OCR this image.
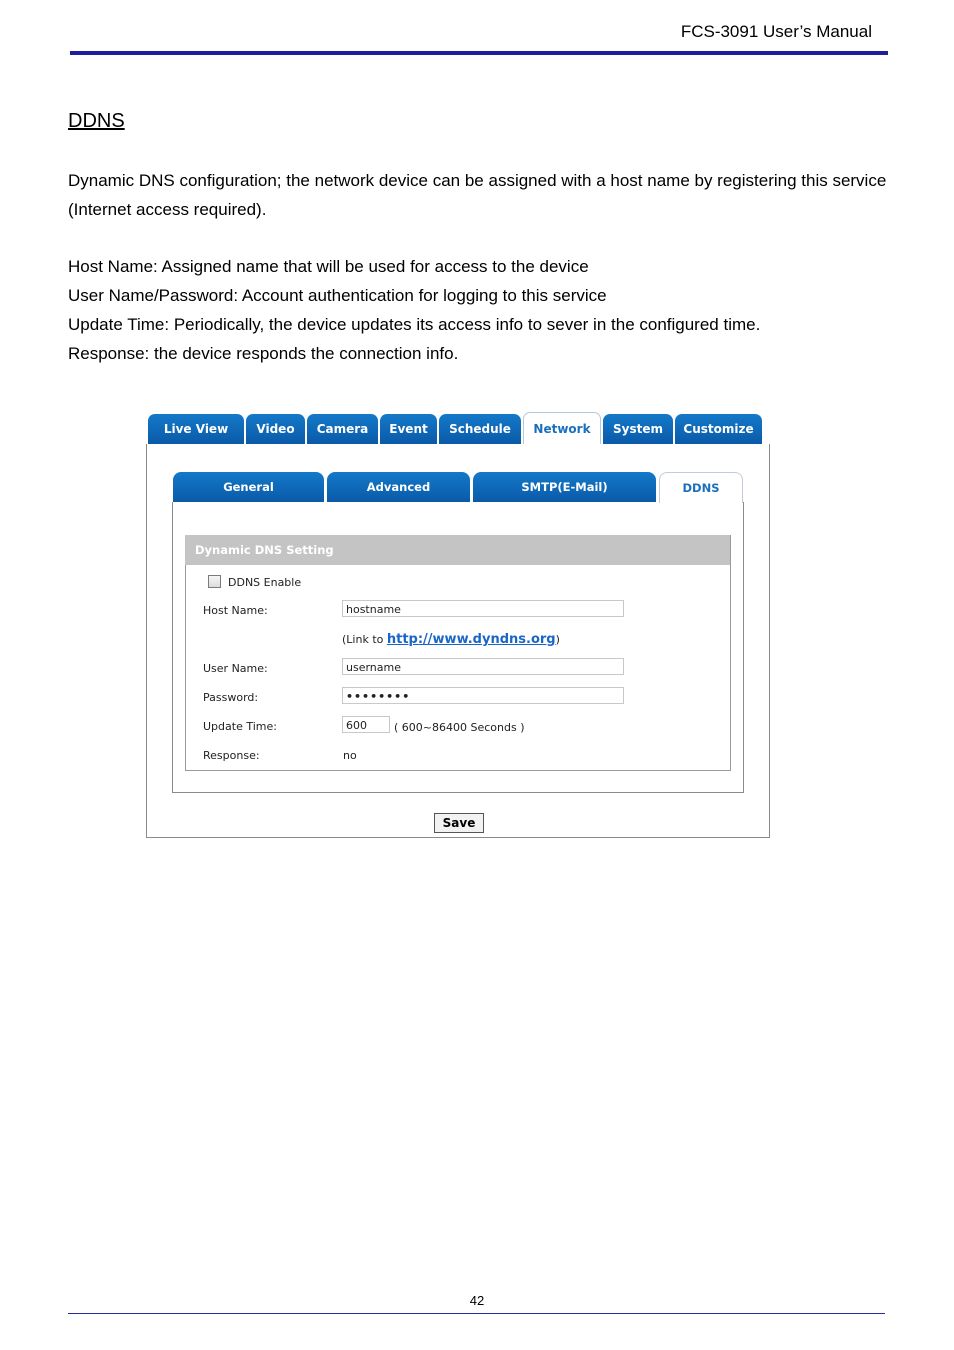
FCS-3091 User’s Manual
DDNS

Dynamic DNS configuration; the network device can be assigned with a host name by registering this service (Internet access required).

Host Name: Assigned name that will be used for access to the device
User Name/Password: Account authentication for logging to this service
Update Time: Periodically, the device updates its access info to sever in the configured time.
Response: the device responds the connection info.
Live View	Video	Camera	Event	Schedule	Network	System	Customize
General	Advanced	SMTP(E-Mail)	DDNS
Dynamic DNS Setting
DDNS Enable
Host Name:	hostname
(Link to http://www.dyndns.org)
User Name:	username
Password:	••••••••
Update Time:	600	( 600~86400 Seconds )
Response:	no
Save
42
